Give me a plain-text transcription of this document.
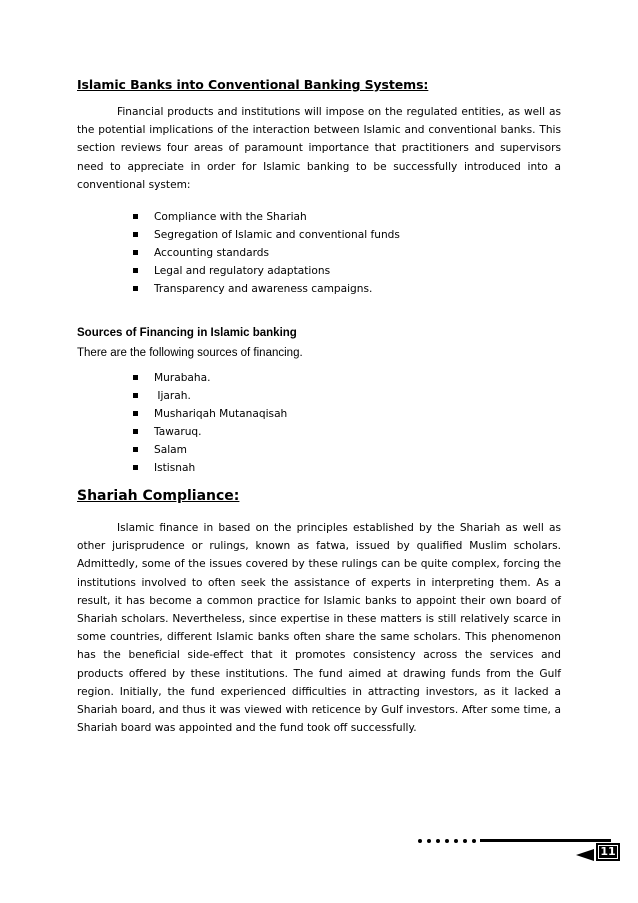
Islamic Banks into Conventional Banking Systems:
Financial products and institutions will impose on the regulated entities, as well as the potential implications of the interaction between Islamic and conventional banks. This section reviews four areas of paramount importance that practitioners and supervisors need to appreciate in order for Islamic banking to be successfully introduced into a conventional system:
Compliance with the Shariah
Segregation of Islamic and conventional funds
Accounting standards
Legal and regulatory adaptations
Transparency and awareness campaigns.
Sources of Financing in Islamic banking
There are the following sources of financing.
Murabaha.
Ijarah.
Mushariqah Mutanaqisah
Tawaruq.
Salam
Istisnah
Shariah Compliance:
Islamic finance in based on the principles established by the Shariah as well as other jurisprudence or rulings, known as fatwa, issued by qualified Muslim scholars. Admittedly, some of the issues covered by these rulings can be quite complex, forcing the institutions involved to often seek the assistance of experts in interpreting them. As a result, it has become a common practice for Islamic banks to appoint their own board of Shariah scholars. Nevertheless, since expertise in these matters is still relatively scarce in some countries, different Islamic banks often share the same scholars. This phenomenon has the beneficial side-effect that it promotes consistency across the services and products offered by these institutions. The fund aimed at drawing funds from the Gulf region. Initially, the fund experienced difficulties in attracting investors, as it lacked a Shariah board, and thus it was viewed with reticence by Gulf investors. After some time, a Shariah board was appointed and the fund took off successfully.
11
